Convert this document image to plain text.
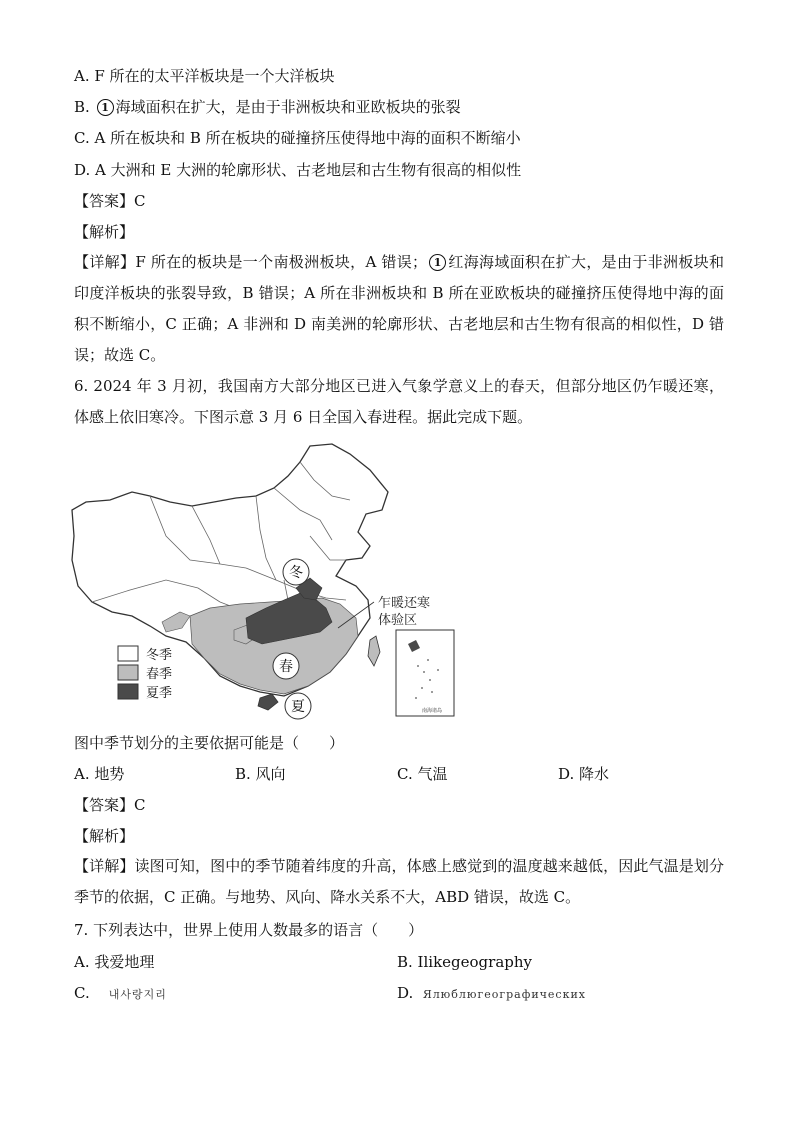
A. F 所在的太平洋板块是一个大洋板块
B. 1 海域面积在扩大，是由于非洲板块和亚欧板块的张裂
C. A 所在板块和 B 所在板块的碰撞挤压使得地中海的面积不断缩小
D. A 大洲和 E 大洲的轮廓形状、古老地层和古生物有很高的相似性
【答案】C
【解析】
【详解】F 所在的板块是一个南极洲板块，A 错误； 1 红海海域面积在扩大，是由于非洲板块和印度洋板块的张裂导致，B 错误；A 所在非洲板块和 B 所在亚欧板块的碰撞挤压使得地中海的面积不断缩小，C 正确；A 非洲和 D 南美洲的轮廓形状、古老地层和古生物有很高的相似性，D 错误；故选 C。
6. 2024 年 3 月初，我国南方大部分地区已进入气象学意义上的春天，但部分地区仍乍暖还寒，体感上依旧寒冷。下图示意 3 月 6 日全国入春进程。据此完成下题。
冬
春
夏
乍暖还寒
体验区
南海诸岛
冬季
春季
夏季
图中季节划分的主要依据可能是（　　）
A. 地势	B. 风向	C. 气温	D. 降水
【答案】C
【解析】
【详解】读图可知，图中的季节随着纬度的升高，体感上感觉到的温度越来越低，因此气温是划分季节的依据，C 正确。与地势、风向、降水关系不大，ABD 错误，故选 C。
7. 下列表达中，世界上使用人数最多的语言（　　）
A. 我爱地理	B. Ilikegeography
C. 내사랑지리	D. Ялюблюгеографических
